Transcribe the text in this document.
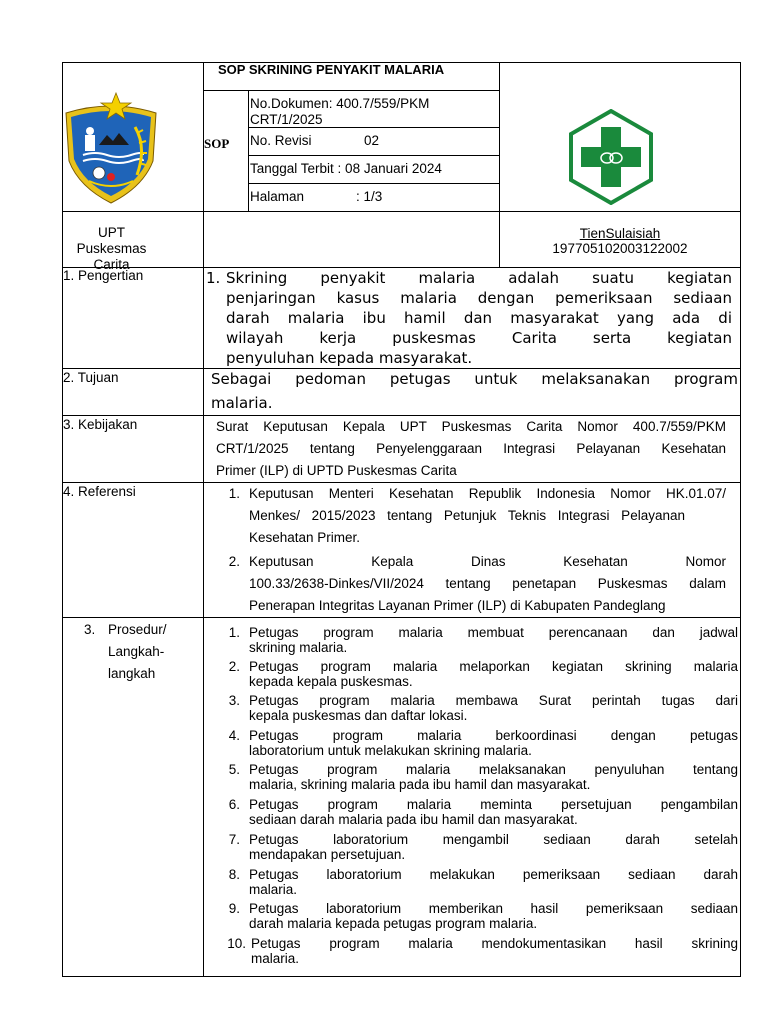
SOP SKRINING PENYAKIT MALARIA
SOP
No.Dokumen: 400.7/559/PKM CRT/1/2025
No. Revisi	02
Tanggal Terbit : 08 Januari 2024
Halaman	: 1/3
UPT Puskesmas Carita
TienSulaisiah
197705102003122002
1. Pengertian	1. Skrining penyakit malaria adalah suatu kegiatan
penjaringan kasus malaria dengan pemeriksaan sediaan
darah malaria ibu hamil dan masyarakat yang ada di
wilayah kerja puskesmas Carita serta kegiatan
penyuluhan kepada masyarakat.
2. Tujuan	Sebagai pedoman petugas untuk melaksanakan program
malaria.
3. Kebijakan	Surat Keputusan Kepala UPT Puskesmas Carita Nomor 400.7/559/PKM
CRT/1/2025 tentang Penyelenggaraan Integrasi Pelayanan Kesehatan
Primer (ILP) di UPTD Puskesmas Carita
4. Referensi	1. Keputusan Menteri Kesehatan Republik Indonesia Nomor HK.01.07/
Menkes/ 2015/2023 tentang Petunjuk Teknis Integrasi Pelayanan
Kesehatan Primer.
2. Keputusan Kepala Dinas Kesehatan Nomor
100.33/2638-Dinkes/VII/2024 tentang penetapan Puskesmas dalam
Penerapan Integritas Layanan Primer (ILP) di Kabupaten Pandeglang
3. Prosedur/
Langkah-
langkah
1. Petugas program malaria membuat perencanaan dan jadwal
skrining malaria.
2. Petugas program malaria melaporkan kegiatan skrining malaria
kepada kepala puskesmas.
3. Petugas program malaria membawa Surat perintah tugas dari
kepala puskesmas dan daftar lokasi.
4. Petugas program malaria berkoordinasi dengan petugas
laboratorium untuk melakukan skrining malaria.
5. Petugas program malaria melaksanakan penyuluhan tentang
malaria, skrining malaria pada ibu hamil dan masyarakat.
6. Petugas program malaria meminta persetujuan pengambilan
sediaan darah malaria pada ibu hamil dan masyarakat.
7. Petugas laboratorium mengambil sediaan darah setelah
mendapakan persetujuan.
8. Petugas laboratorium melakukan pemeriksaan sediaan darah
malaria.
9. Petugas laboratorium memberikan hasil pemeriksaan sediaan
darah malaria kepada petugas program malaria.
10. Petugas program malaria mendokumentasikan hasil skrining
malaria.
